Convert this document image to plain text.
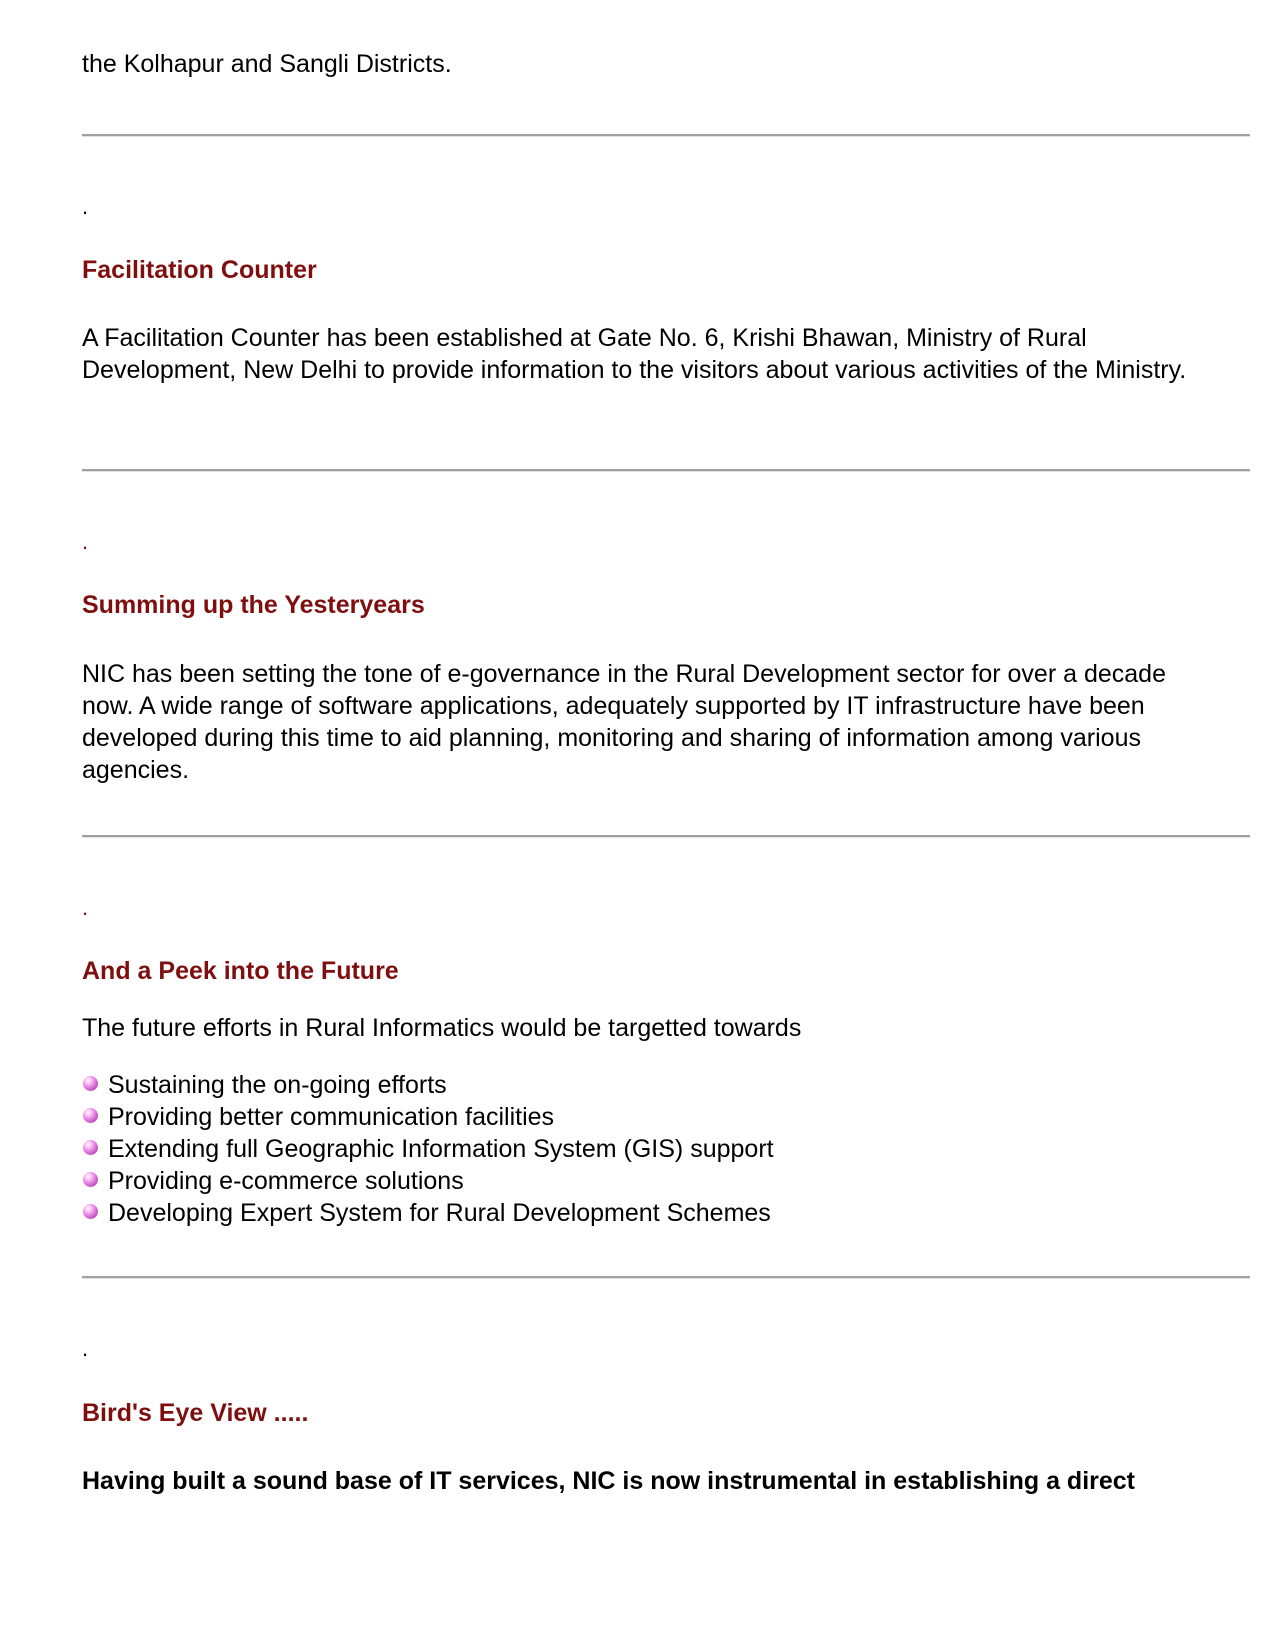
the Kolhapur and Sangli Districts.

.
Facilitation Counter

A Facilitation Counter has been established at Gate No. 6, Krishi Bhawan, Ministry of Rural Development, New Delhi to provide information to the visitors about various activities of the Ministry.

.
Summing up the Yesteryears

NIC has been setting the tone of e-governance in the Rural Development sector for over a decade now. A wide range of software applications, adequately supported by IT infrastructure have been developed during this time to aid planning, monitoring and sharing of information among various agencies.

.
And a Peek into the Future

The future efforts in Rural Informatics would be targetted towards

Sustaining the on-going efforts
Providing better communication facilities
Extending full Geographic Information System (GIS) support
Providing e-commerce solutions
Developing Expert System for Rural Development Schemes
.
Bird's Eye View .....

Having built a sound base of IT services, NIC is now instrumental in establishing a direct
